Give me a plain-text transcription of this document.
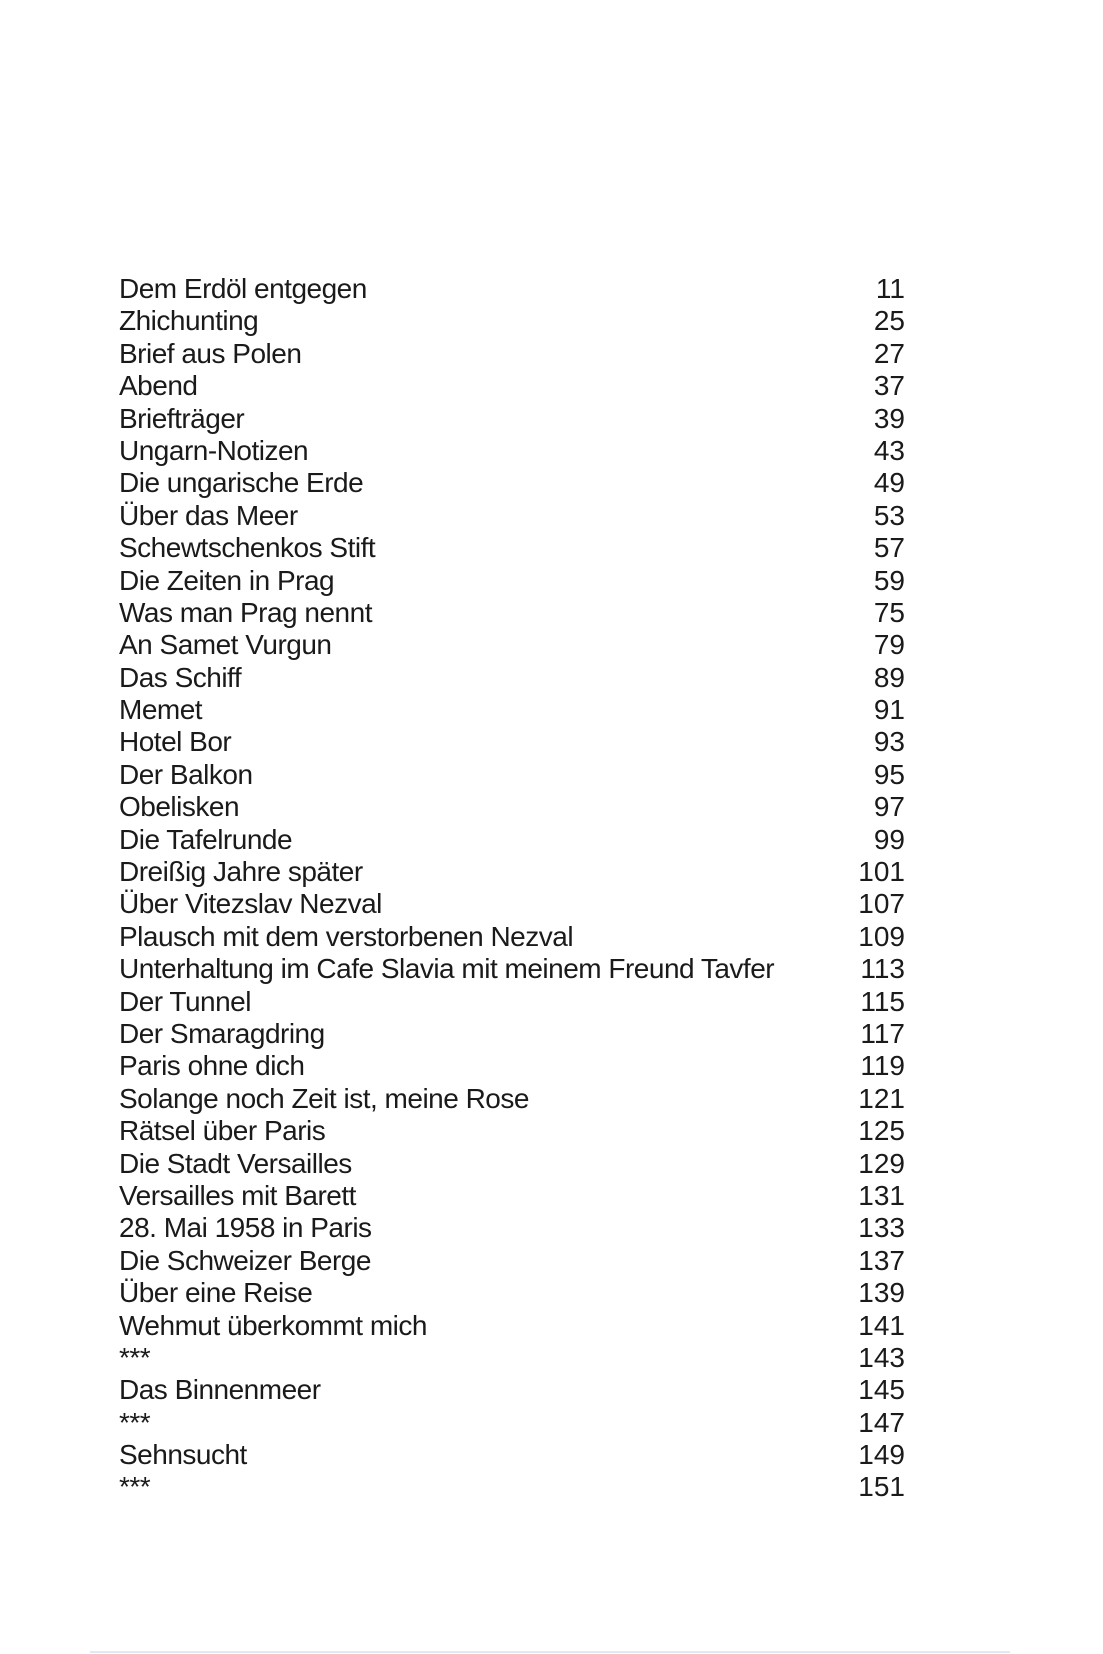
Dem Erdöl entgegen	11
Zhichunting	25
Brief aus Polen	27
Abend	37
Briefträger	39
Ungarn-Notizen	43
Die ungarische Erde	49
Über das Meer	53
Schewtschenkos Stift	57
Die Zeiten in Prag	59
Was man Prag nennt	75
An Samet Vurgun	79
Das Schiff	89
Memet	91
Hotel Bor	93
Der Balkon	95
Obelisken	97
Die Tafelrunde	99
Dreißig Jahre später	101
Über Vitezslav Nezval	107
Plausch mit dem verstorbenen Nezval	109
Unterhaltung im Cafe Slavia mit meinem Freund Tavfer	113
Der Tunnel	115
Der Smaragdring	117
Paris ohne dich	119
Solange noch Zeit ist, meine Rose	121
Rätsel über Paris	125
Die Stadt Versailles	129
Versailles mit Barett	131
28. Mai 1958 in Paris	133
Die Schweizer Berge	137
Über eine Reise	139
Wehmut überkommt mich	141
***	143
Das Binnenmeer	145
***	147
Sehnsucht	149
***	151
